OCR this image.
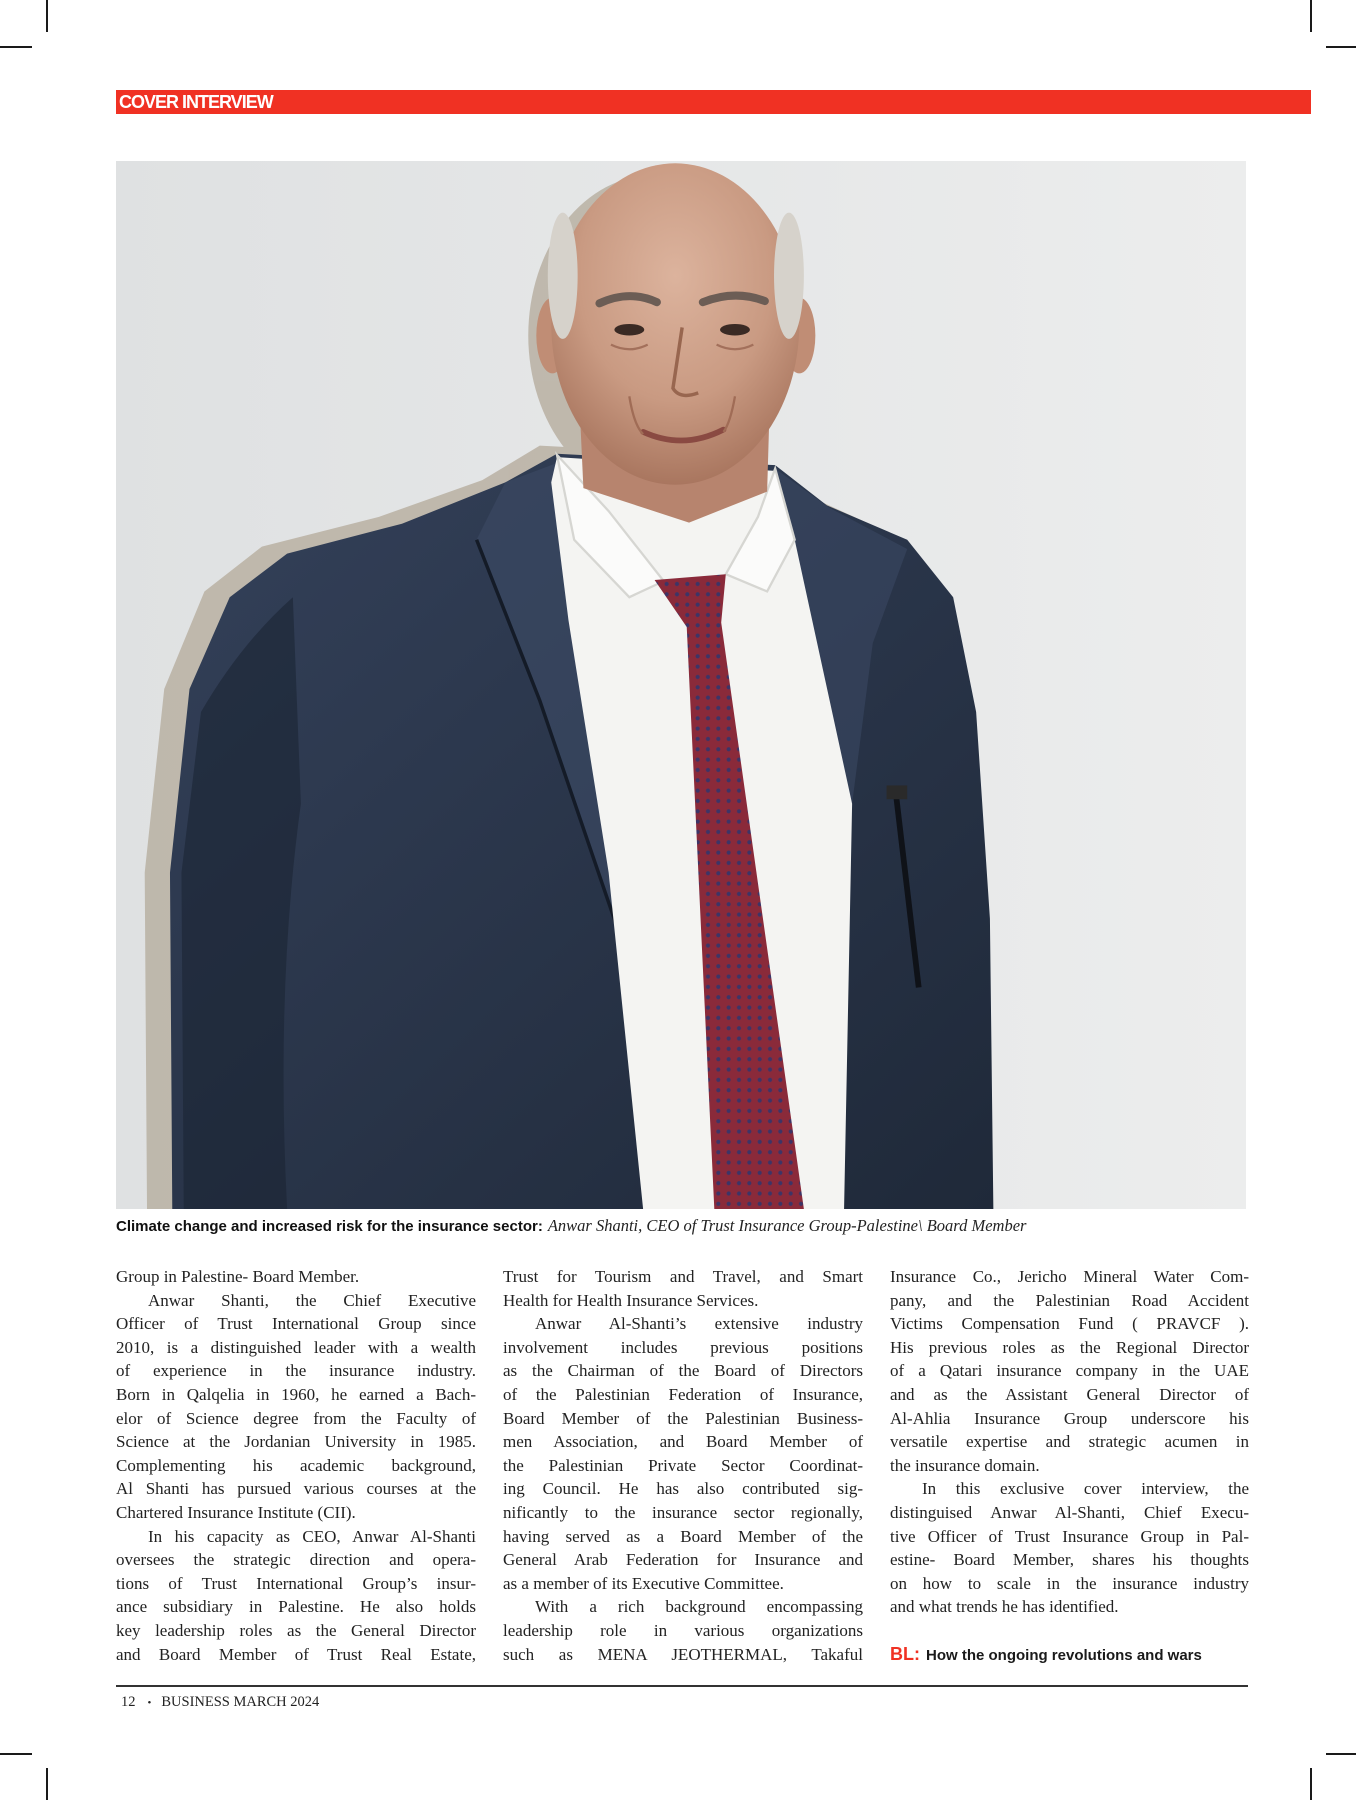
COVER INTERVIEW
Climate change and increased risk for the insurance sector: Anwar Shanti, CEO of Trust Insurance Group-Palestine\ Board Member
Group in Palestine- Board Member.
Anwar Shanti, the Chief Executive
Officer of Trust International Group since
2010, is a distinguished leader with a wealth
of experience in the insurance industry.
Born in Qalqelia in 1960, he earned a Bach-
elor of Science degree from the Faculty of
Science at the Jordanian University in 1985.
Complementing his academic background,
Al Shanti has pursued various courses at the
Chartered Insurance Institute (CII).
In his capacity as CEO, Anwar Al-Shanti
oversees the strategic direction and opera-
tions of Trust International Group’s insur-
ance subsidiary in Palestine. He also holds
key leadership roles as the General Director
and Board Member of Trust Real Estate,
Trust for Tourism and Travel, and Smart
Health for Health Insurance Services.
Anwar Al-Shanti’s extensive industry
involvement includes previous positions
as the Chairman of the Board of Directors
of the Palestinian Federation of Insurance,
Board Member of the Palestinian Business-
men Association, and Board Member of
the Palestinian Private Sector Coordinat-
ing Council. He has also contributed sig-
nificantly to the insurance sector regionally,
having served as a Board Member of the
General Arab Federation for Insurance and
as a member of its Executive Committee.
With a rich background encompassing
leadership role in various organizations
such as MENA JEOTHERMAL, Takaful
Insurance Co., Jericho Mineral Water Com-
pany, and the Palestinian Road Accident
Victims Compensation Fund ( PRAVCF ).
His previous roles as the Regional Director
of a Qatari insurance company in the UAE
and as the Assistant General Director of
Al-Ahlia Insurance Group underscore his
versatile expertise and strategic acumen in
the insurance domain.
In this exclusive cover interview, the
distinguised Anwar Al-Shanti, Chief Execu-
tive Officer of Trust Insurance Group in Pal-
estine- Board Member, shares his thoughts
on how to scale in the insurance industry
and what trends he has identified.
BL: How the ongoing revolutions and wars
12 • BUSINESS MARCH 2024
